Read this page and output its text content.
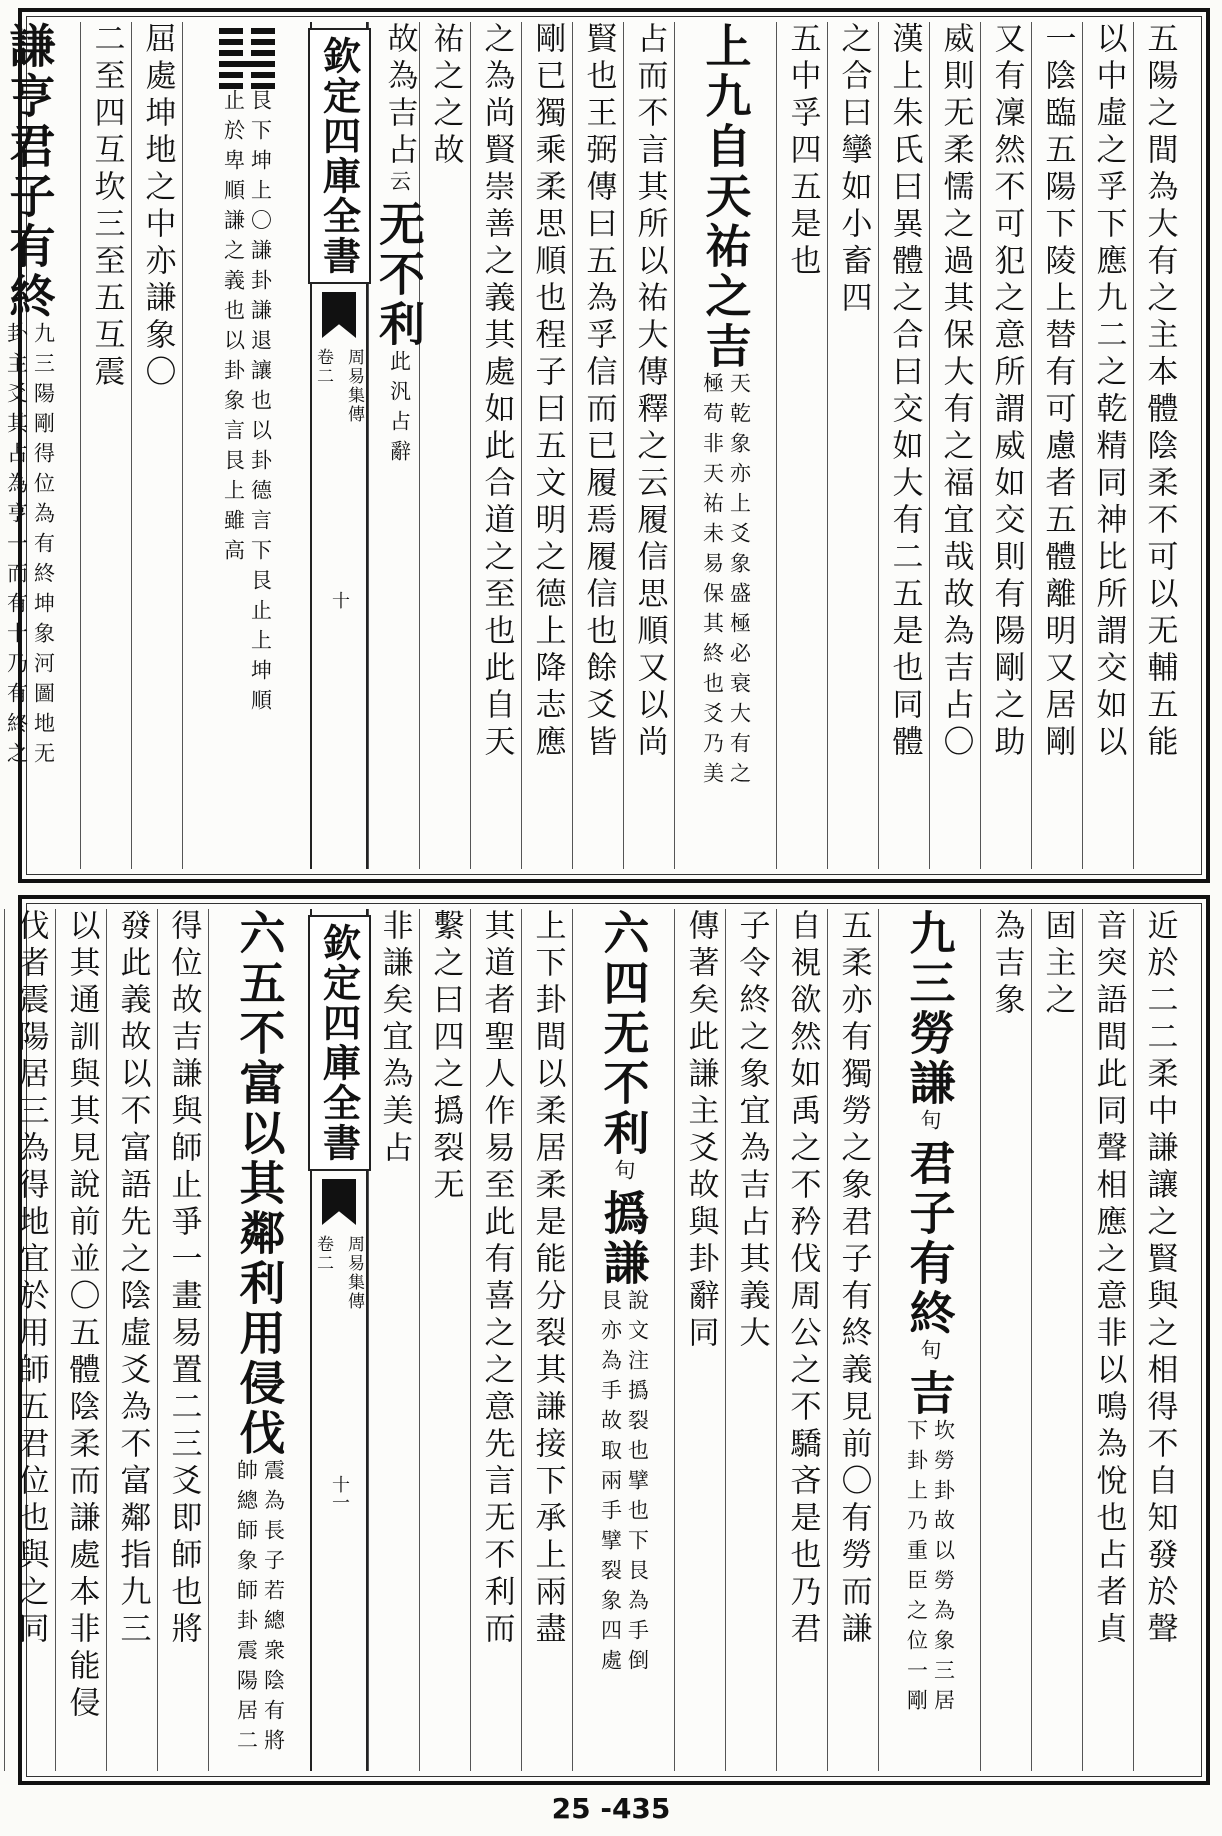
五陽之間為大有之主本體陰柔不可以无輔五能
以中虛之孚下應九二之乾精同神比所謂交如以
一陰臨五陽下陵上替有可慮者五體離明又居剛
又有凜然不可犯之意所謂威如交則有陽剛之助
威則无柔懦之過其保大有之福宜哉故為吉占〇
漢上朱氏曰異體之合曰交如大有二五是也同體
之合曰攣如小畜四
五中孚四五是也
上九自天祐之吉
天乾象亦上爻象盛極必衰大有之
極苟非天祐未易保其終也爻乃美
占而不言其所以祐大傳釋之云履信思順又以尚
賢也王弼傳曰五為孚信而已履焉履信也餘爻皆
剛已獨乘柔思順也程子曰五文明之德上降志應
之為尚賢崇善之義其處如此合道之至也此自天
祐之之故
故為吉占
云
无不利
此汎占辭
欽定四庫全書
周易集傳
卷二
十
艮下坤上〇謙卦謙退讓也以卦德言下艮止上坤順
止於卑順謙之義也以卦象言艮上雖高
屈處坤地之中亦謙象〇
二至四互坎三至五互震
謙亨
君子有終
九三陽剛得位為
卦主爻其占為亨
有終坤象河圖地无
一而有十乃有終之
近於二二柔中謙讓之賢與之相得不自知發於聲
音突語間此同聲相應之意非以鳴為悅也占者貞
固主之
為吉象
九三勞謙
句
君子有終
句
吉
坎勞卦故以勞為象三居
下卦上乃重臣之位一剛
五柔亦有獨勞之象君子有終義見前〇有勞而謙
自視欲然如禹之不矜伐周公之不驕吝是也乃君
子令終之象宜為吉占其義大
傳著矣此謙主爻故與卦辭同
六四无不利
句
撝謙
說文注撝裂也擘也下艮為手倒
艮亦為手故取兩手擘裂象四處
上下卦間以柔居柔是能分裂其謙接下承上兩盡
其道者聖人作易至此有喜之之意先言无不利而
繫之曰四之撝裂无
非謙矣宜為美占
欽定四庫全書
周易集傳
卷二
十一
六五不富以其鄰利用侵伐
震為長子若總衆陰有將
帥總師象師卦震陽居二
得位故吉謙與師止爭一畫易置二三爻即師也將
發此義故以不富語先之陰虛爻為不富鄰指九三
以其通訓與其見說前並〇五體陰柔而謙處本非能侵
伐者震陽居三為得地宜於用師五君位也與之同
25 -435
